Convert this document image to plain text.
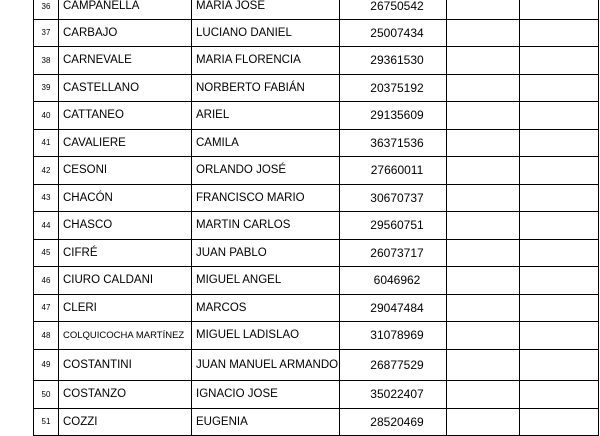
36	CAMPANELLA	MARIA JOSE	26750542		
37	CARBAJO	LUCIANO DANIEL	25007434		
38	CARNEVALE	MARIA FLORENCIA	29361530		
39	CASTELLANO	NORBERTO FABIÁN	20375192		
40	CATTANEO	ARIEL	29135609		
41	CAVALIERE	CAMILA	36371536		
42	CESONI	ORLANDO JOSÉ	27660011		
43	CHACÓN	FRANCISCO MARIO	30670737		
44	CHASCO	MARTIN CARLOS	29560751		
45	CIFRÉ	JUAN PABLO	26073717		
46	CIURO CALDANI	MIGUEL ANGEL	6046962		
47	CLERI	MARCOS	29047484		
48	COLQUICOCHA MARTÍNEZ	MIGUEL LADISLAO	31078969		
49	COSTANTINI	JUAN MANUEL ARMANDO	26877529		
50	COSTANZO	IGNACIO JOSE	35022407		
51	COZZI	EUGENIA	28520469		
